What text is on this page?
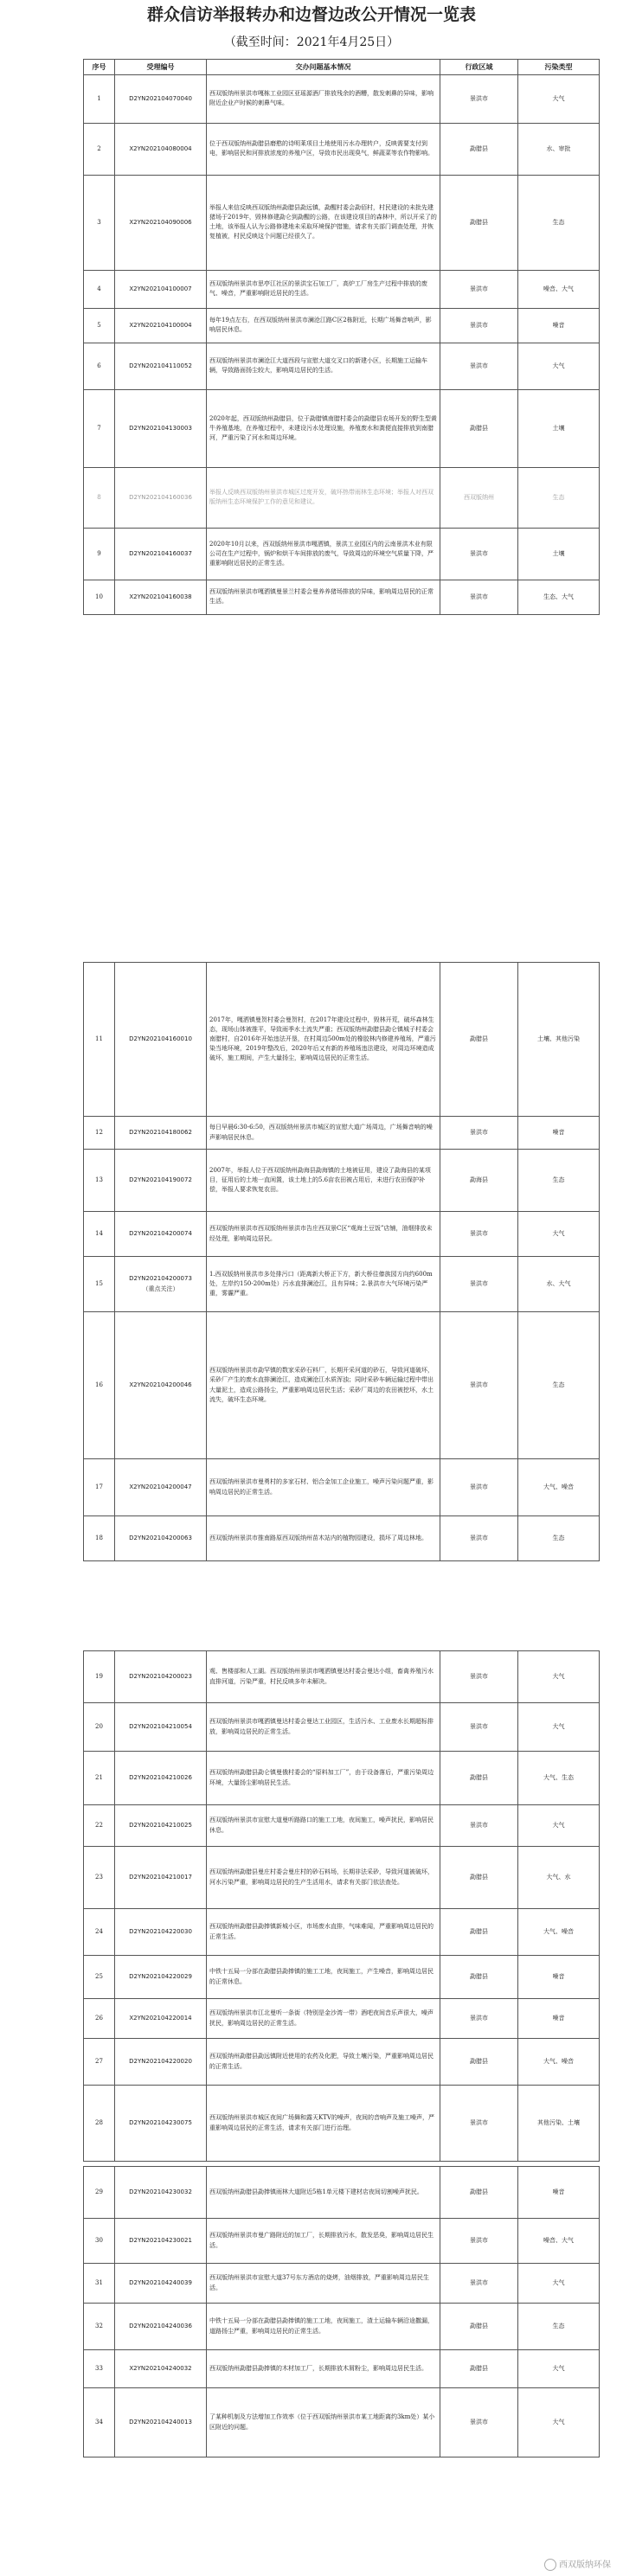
群众信访举报转办和边督边改公开情况一览表
（截至时间：2021年4月25日）
序号	受理编号	交办问题基本情况	行政区域	污染类型
1	D2YN202104070040	西双版纳州景洪市嘎栋工业园区亚瑶源酒厂排放残余的酒糟，散发刺鼻的异味，影响附近企业产时候的刺鼻气味。	景洪市	大气
2	X2YN202104080004	位于西双版纳州勐腊县磨憨的诗明莱项目土地使用污水办理转户，反映需要支付到电，影响居民和河排放浓度的养殖户区，导致市民出现臭气，鲜蔬菜等农作物影响。	勐腊县	水、审批
3	X2YN202104090006	举报人来信反映西双版纳州勐腊县勐远镇，勐醒村委会勐佰村，村民建设的未批先建猪场于2019年，毁林修建勐仑到勐醒的公路，在该建设项目的森林中，所以开采了的土地，该举报人认为公路修建地未采取环境保护措施，请求有关部门调查处理，并恢复植被，村民反映这个问题已经很久了。	勐腊县	生态
4	X2YN202104100007	西双版纳州景洪市思亭江社区的景洪宝石加工厂，高炉工厂房生产过程中排放的废气、噪音，严重影响附近居民的生活。	景洪市	噪音、大气
5	X2YN202104100004	每年19点左右，在西双版纳州景洪市澜沧江路C区2栋附近，长期广场舞音响声，影响居民休息。	景洪市	噪音
6	D2YN202104110052	西双版纳州景洪市澜沧江大道西段与宣慰大道交叉口的新建小区，长期施工运输车辆，导致路面扬尘较大，影响周边居民的生活。	景洪市	大气
7	D2YN202104130003	2020年起，西双版纳州勐腊县，位于勐腊镇南腊村委会的勐腊县农场开发的野生型黄牛养殖基地，在养殖过程中，未建设污水处理设施，养殖废水和粪便直接排放到南腊河，严重污染了河水和周边环境。	勐腊县	土壤
8	D2YN202104160036	举报人反映西双版纳州景洪市城区过度开发，破坏热带雨林生态环境；举报人对西双版纳州生态环境保护工作的意见和建议。	西双版纳州	生态
9	D2YN202104160037	2020年10月以来，西双版纳州景洪市嘎洒镇，景洪工业园区内的云南景洪木业有限公司在生产过程中，锅炉和烘干车间排放的废气，导致周边的环境空气质量下降，严重影响附近居民的正常生活。	景洪市	土壤
10	X2YN202104160038	西双版纳州景洪市嘎洒镇曼景兰村委会曼养养猪场排放的异味，影响周边居民的正常生活。	景洪市	生态、大气
11	D2YN202104160010	2017年，嘎洒镇曼贺村委会曼贺村，在2017年建设过程中，毁林开荒，破坏森林生态，现场山体被推平，导致雨季水土流失严重；西双版纳州勐腊县勐仑镇城子村委会南腊村，自2016年开始违法开垦，在村周边500m处的橡胶林内修建养殖场，严重污染当地环境，2019年整改后，2020年后又有新的养殖场违法建设，对周边环境造成破坏，施工期间，产生大量扬尘，影响周边居民的正常生活。	勐腊县	土壤、其他污染
12	D2YN202104180062	每日早晨6:30-6:50，西双版纳州景洪市城区的宣慰大道广场周边，广场舞音响的噪声影响居民休息。	景洪市	噪音
13	D2YN202104190072	2007年，举报人位于西双版纳州勐海县勐海镇的土地被征用，建设了勐海县的某项目，征用后的土地一直闲置，该土地上的5.6亩农田被占用后，未进行农田保护补偿，举报人要求恢复农田。	勐海县	生态
14	D2YN202104200074	西双版纳州景洪市西双版纳州景洪市告庄西双景C区“观海土豆饭”店铺，油烟排放未经处理，影响周边居民。	景洪市	大气
15	D2YN202104200073
（重点关注）	1.西双版纳州景洪市多处排污口（距离新大桥正下方，新大桥往傣族园方向约600m处，左岸约150-200m处）污水直排澜沧江，且有异味；2.景洪市大气环境污染严重，雾霾严重。	景洪市	水、大气
16	X2YN202104200046	西双版纳州景洪市勐罕镇的数家采砂石料厂，长期开采河道的砂石，导致河道破坏，采砂厂产生的废水直排澜沧江，造成澜沧江水质浑浊；同时采砂车辆运输过程中带出大量泥土，造成公路扬尘，严重影响周边居民生活；采砂厂周边的农田被挖坏，水土流失，破坏生态环境。	景洪市	生态
17	X2YN202104200047	西双版纳州景洪市曼勇村的多家石材、铝合金加工企业施工，噪声污染问题严重，影响周边居民的正常生活。	景洪市	大气、噪音
18	D2YN202104200063	西双版纳州景洪市推南路原西双版纳州苗木站内的植物园建设，损坏了周边林地。	景洪市	生态
19	D2YN202104200023	观、售楼部和人工湖。西双版纳州景洪市嘎洒镇曼达村委会曼达小组，畜禽养殖污水直排河道，污染严重，村民反映多年未解决。	景洪市	大气
20	D2YN202104210054	西双版纳州景洪市嘎洒镇曼达村委会曼达工业园区，生活污水、工业废水长期超标排放，影响周边居民的正常生活。	景洪市	大气
21	D2YN202104210026	西双版纳州勐腊县勐仑镇曼俄村委会的“原料加工厂”，由于设备落后，严重污染周边环境，大量扬尘影响居民生活。	勐腊县	大气、生态
22	D2YN202104210025	西双版纳州景洪市宣慰大道曼听路路口的施工工地，夜间施工，噪声扰民，影响居民休息。	景洪市	大气
23	D2YN202104210017	西双版纳州勐腊县曼庄村委会曼庄村的砂石料场，长期非法采砂，导致河道被破坏，河水污染严重，影响周边居民的生产生活用水，请求有关部门依法查处。	勐腊县	大气、水
24	D2YN202104220030	西双版纳州勐腊县勐捧镇新城小区，市场废水直排，气味难闻，严重影响周边居民的正常生活。	勐腊县	大气、噪音
25	D2YN202104220029	中铁十五局一分部在勐腊县勐捧镇的施工工地，夜间施工，产生噪音，影响周边居民的正常休息。	勐腊县	噪音
26	X2YN202104220014	西双版纳州景洪市江北曼听一条街（特别是金沙湾一带）酒吧夜间音乐声很大，噪声扰民，影响周边居民的正常生活。	景洪市	噪音
27	D2YN202104220020	西双版纳州勐腊县勐远镇附近使用的农药及化肥，导致土壤污染，严重影响周边居民的正常生活。	勐腊县	大气、噪音
28	D2YN202104230075	西双版纳州景洪市城区夜间广场舞和露天KTV的噪声，夜间的音响声及施工噪声，严重影响周边居民的正常生活，请求有关部门进行治理。	景洪市	其他污染、土壤
29	D2YN202104230032	西双版纳州勐腊县勐捧镇雨林大道附近5栋1单元楼下建材店夜间切割噪声扰民。	勐腊县	噪音
30	D2YN202104230021	西双版纳州景洪市曼广路附近的加工厂，长期排放污水，散发恶臭，影响周边居民生活。	景洪市	噪音、大气
31	D2YN202104240039	西双版纳州景洪市宣慰大道37号东方酒店的烧烤，油烟排放，严重影响周边居民生活。	景洪市	大气
32	D2YN202104240036	中铁十五局一分部在勐腊县勐捧镇的施工工地，夜间施工，渣土运输车辆沿途撒漏，道路扬尘严重，影响周边居民的正常生活。	勐腊县	生态
33	X2YN202104240032	西双版纳州勐腊县勐捧镇的木材加工厂，长期排放木屑粉尘，影响周边居民生活。	勐腊县	大气
34	D2YN202104240013	了某种机制及方法增加工作效率（位于西双版纳州景洪市某工地距离约3km处）某小区附近的问题。	景洪市	大气
西双版纳环保
